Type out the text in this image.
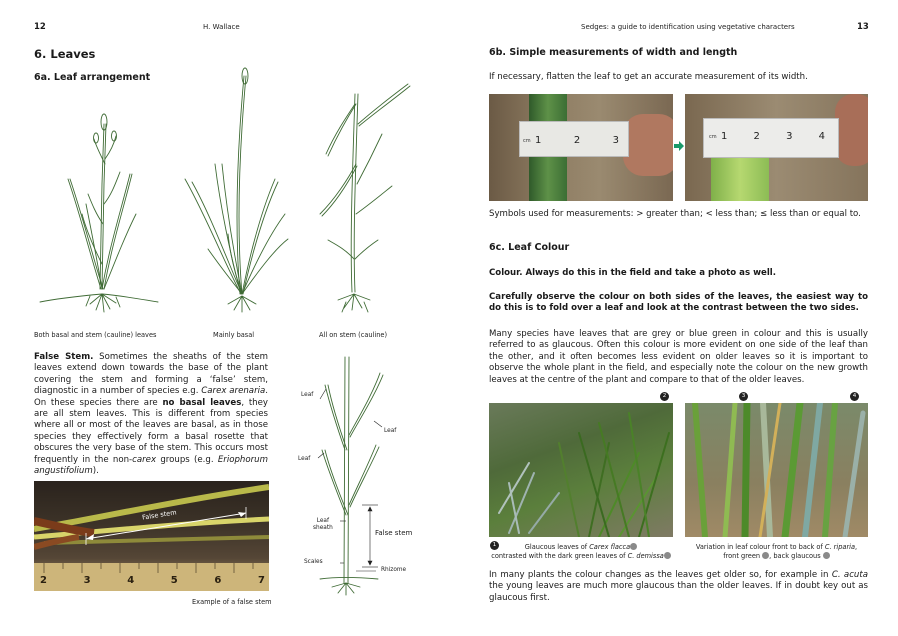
12	H. Wallace	Sedges: a guide to identification using vegetative characters	13
6. Leaves
6a. Leaf arrangement
Both basal and stem (cauline) leaves	Mainly basal	All on stem (cauline)
False Stem. Sometimes the sheaths of the stem leaves extend down towards the base of the plant covering the stem and forming a ‘false’ stem, diagnostic in a number of species e.g. Carex arenaria. On these species there are no basal leaves, they are all stem leaves. This is different from species where all or most of the leaves are basal, as in those species they effectively form a basal rosette that obscures the very base of the stem. This occurs most frequently in the non-carex groups (e.g. Eriophorum angustifolium).
False stem
2	3	4	5	6	7
Example of a false stem
Leaf
Leaf
Leaf
Leaf
sheath
False stem
Scales
Rhizome
6b. Simple measurements of width and length
If necessary, flatten the leaf to get an accurate measurement of its width.
cm 1	2	3	cm 1	2	3	4
Symbols used for measurements: > greater than; < less than; ≤ less than or equal to.
6c. Leaf Colour
Colour. Always do this in the field and take a photo as well.
Carefully observe the colour on both sides of the leaves, the easiest way to do this is to fold over a leaf and look at the contrast between the two sides.
Many species have leaves that are grey or blue green in colour and this is usually referred to as glaucous. Often this colour is more evident on one side of the leaf than the other, and it often becomes less evident on older leaves so it is important to observe the whole plant in the field, and especially note the colour on the new growth leaves at the centre of the plant and compare to that of the older leaves.
2
1	Glaucous leaves of Carex flacca
contrasted with the dark green leaves of C. demissa
3	4
Variation in leaf colour front to back of C. riparia,
front green , back glaucous
In many plants the colour changes as the leaves get older so, for example in C. acuta the young leaves are much more glaucous than the older leaves. If in doubt key out as glaucous first.
